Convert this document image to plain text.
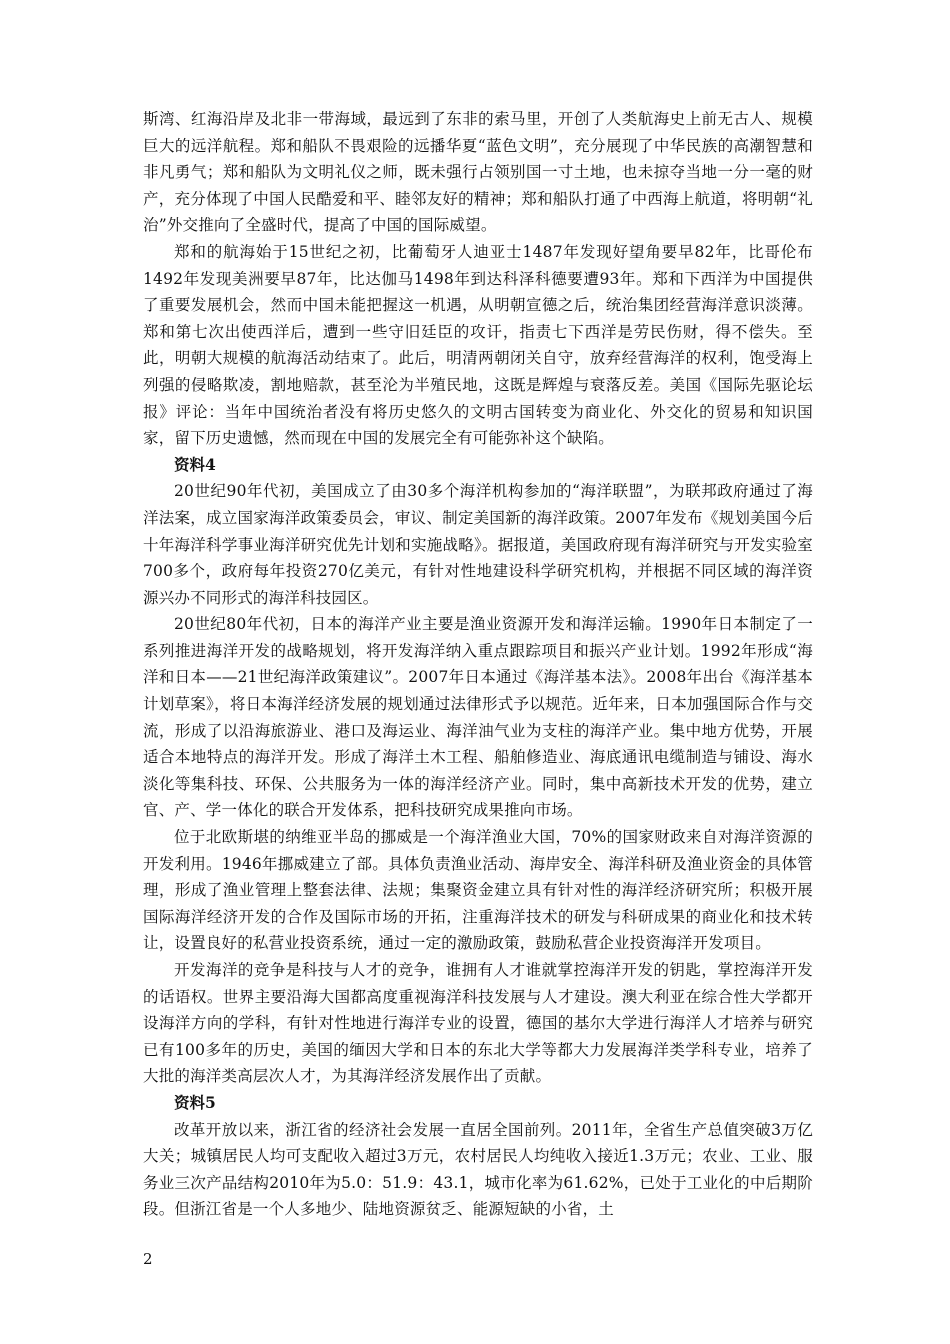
斯湾、红海沿岸及北非一带海域，最远到了东非的索马里，开创了人类航海史上前无古人、规模巨大的远洋航程。郑和船队不畏艰险的远播华夏“蓝色文明”，充分展现了中华民族的高潮智慧和非凡勇气；郑和船队为文明礼仪之师，既未强行占领别国一寸土地，也未掠夺当地一分一毫的财产，充分体现了中国人民酷爱和平、睦邻友好的精神；郑和船队打通了中西海上航道，将明朝“礼治”外交推向了全盛时代，提高了中国的国际威望。

郑和的航海始于15世纪之初，比葡萄牙人迪亚士1487年发现好望角要早82年，比哥伦布1492年发现美洲要早87年，比达伽马1498年到达科泽科德要遭93年。郑和下西洋为中国提供了重要发展机会，然而中国未能把握这一机遇，从明朝宣德之后，统治集团经营海洋意识淡薄。郑和第七次出使西洋后，遭到一些守旧廷臣的攻讦，指责七下西洋是劳民伤财，得不偿失。至此，明朝大规模的航海活动结束了。此后，明清两朝闭关自守，放弃经营海洋的权利，饱受海上列强的侵略欺凌，割地赔款，甚至沦为半殖民地，这既是辉煌与衰落反差。美国《国际先驱论坛报》评论：当年中国统治者没有将历史悠久的文明古国转变为商业化、外交化的贸易和知识国家，留下历史遗憾，然而现在中国的发展完全有可能弥补这个缺陷。

资料4

20世纪90年代初，美国成立了由30多个海洋机构参加的“海洋联盟”，为联邦政府通过了海洋法案，成立国家海洋政策委员会，审议、制定美国新的海洋政策。2007年发布《规划美国今后十年海洋科学事业海洋研究优先计划和实施战略》。据报道，美国政府现有海洋研究与开发实验室700多个，政府每年投资270亿美元，有针对性地建设科学研究机构，并根据不同区域的海洋资源兴办不同形式的海洋科技园区。

20世纪80年代初，日本的海洋产业主要是渔业资源开发和海洋运输。1990年日本制定了一系列推进海洋开发的战略规划，将开发海洋纳入重点跟踪项目和振兴产业计划。1992年形成“海洋和日本——21世纪海洋政策建议”。2007年日本通过《海洋基本法》。2008年出台《海洋基本计划草案》，将日本海洋经济发展的规划通过法律形式予以规范。近年来，日本加强国际合作与交流，形成了以沿海旅游业、港口及海运业、海洋油气业为支柱的海洋产业。集中地方优势，开展适合本地特点的海洋开发。形成了海洋土木工程、船舶修造业、海底通讯电缆制造与铺设、海水淡化等集科技、环保、公共服务为一体的海洋经济产业。同时，集中高新技术开发的优势，建立官、产、学一体化的联合开发体系，把科技研究成果推向市场。

位于北欧斯堪的纳维亚半岛的挪威是一个海洋渔业大国，70%的国家财政来自对海洋资源的开发利用。1946年挪威建立了部。具体负责渔业活动、海岸安全、海洋科研及渔业资金的具体管理，形成了渔业管理上整套法律、法规；集聚资金建立具有针对性的海洋经济研究所；积极开展国际海洋经济开发的合作及国际市场的开拓，注重海洋技术的研发与科研成果的商业化和技术转让，设置良好的私营业投资系统，通过一定的激励政策，鼓励私营企业投资海洋开发项目。

开发海洋的竞争是科技与人才的竞争，谁拥有人才谁就掌控海洋开发的钥匙，掌控海洋开发的话语权。世界主要沿海大国都高度重视海洋科技发展与人才建设。澳大利亚在综合性大学都开设海洋方向的学科，有针对性地进行海洋专业的设置，德国的基尔大学进行海洋人才培养与研究已有100多年的历史，美国的缅因大学和日本的东北大学等都大力发展海洋类学科专业，培养了大批的海洋类高层次人才，为其海洋经济发展作出了贡献。

资料5

改革开放以来，浙江省的经济社会发展一直居全国前列。2011年，全省生产总值突破3万亿大关；城镇居民人均可支配收入超过3万元，农村居民人均纯收入接近1.3万元；农业、工业、服务业三次产品结构2010年为5.0：51.9：43.1，城市化率为61.62%，已处于工业化的中后期阶段。但浙江省是一个人多地少、陆地资源贫乏、能源短缺的小省，土

2
